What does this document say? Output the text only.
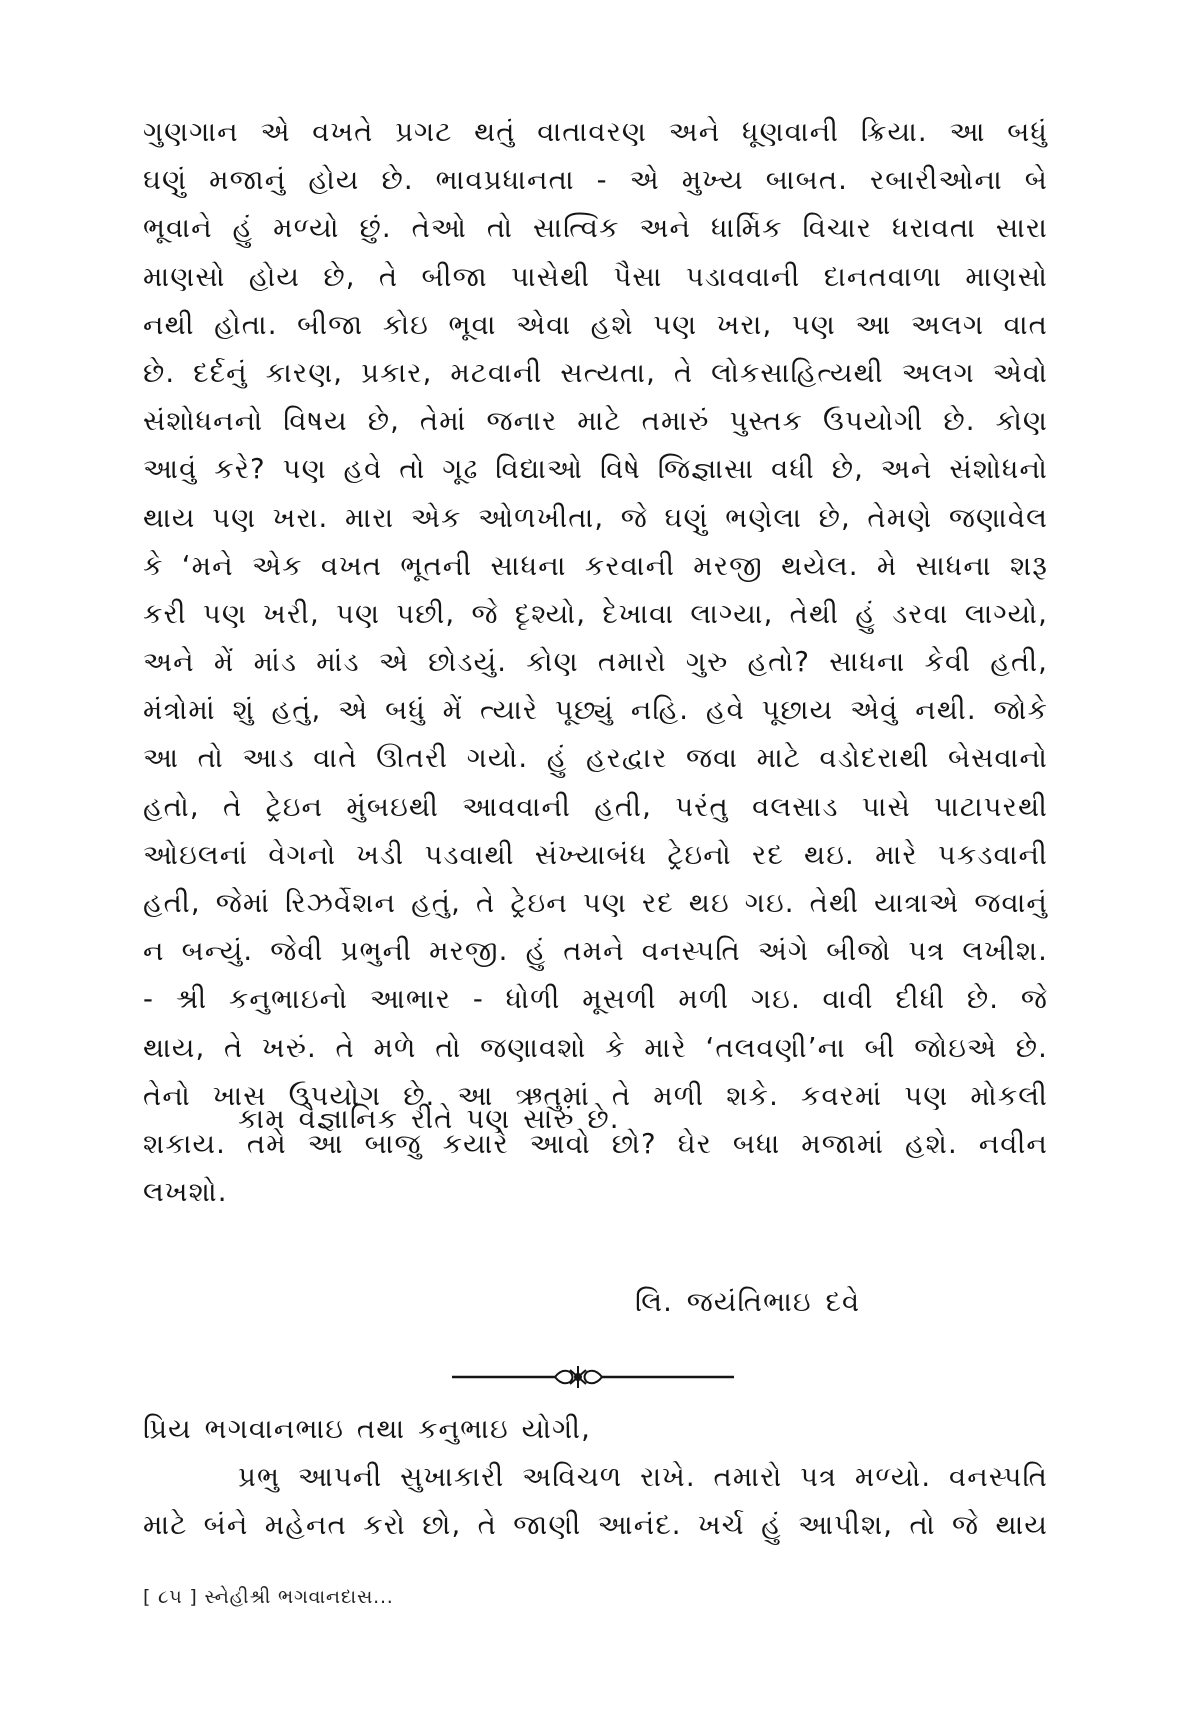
ગુણગાન એ વખતે પ્રગટ થતું વાતાવરણ અને ધૂણવાની ક્રિયા. આ બધું
ઘણું મજાનું હોય છે. ભાવપ્રધાનતા - એ મુખ્ય બાબત. રબારીઓના બે
ભૂવાને હું મળ્યો છું. તેઓ તો સાત્વિક અને ધાર્મિક વિચાર ધરાવતા સારા
માણસો હોય છે, તે બીજા પાસેથી પૈસા પડાવવાની દાનતવાળા માણસો
નથી હોતા. બીજા કોઇ ભૂવા એવા હશે પણ ખરા, પણ આ અલગ વાત
છે. દર્દનું કારણ, પ્રકાર, મટવાની સત્યતા, તે લોકસાહિત્યથી અલગ એવો
સંશોધનનો વિષય છે, તેમાં જનાર માટે તમારું પુસ્તક ઉપયોગી છે. કોણ
આવું કરે? પણ હવે તો ગૂઢ વિદ્યાઓ વિષે જિજ્ઞાસા વધી છે, અને સંશોધનો
થાય પણ ખરા. મારા એક ઓળખીતા, જે ઘણું ભણેલા છે, તેમણે જણાવેલ
કે ‘મને એક વખત ભૂતની સાધના કરવાની મરજી થયેલ. મે સાધના શરૂ
કરી પણ ખરી, પણ પછી, જે દૃશ્યો, દેખાવા લાગ્યા, તેથી હું ડરવા લાગ્યો,
અને મેં માંડ માંડ એ છોડયું. કોણ તમારો ગુરુ હતો? સાધના કેવી હતી,
મંત્રોમાં શું હતું, એ બધું મેં ત્યારે પૂછ્યું નહિ. હવે પૂછાય એવું નથી. જોકે
આ તો આડ વાતે ઊતરી ગયો. હું હરદ્વાર જવા માટે વડોદરાથી બેસવાનો
હતો, તે ટ્રેઇન મુંબઇથી આવવાની હતી, પરંતુ વલસાડ પાસે પાટાપરથી
ઓઇલનાં વેગનો ખડી પડવાથી સંખ્યાબંધ ટ્રેઇનો રદ થઇ. મારે પકડવાની
હતી, જેમાં રિઝર્વેશન હતું, તે ટ્રેઇન પણ રદ થઇ ગઇ. તેથી યાત્રાએ જવાનું
ન બન્યું. જેવી પ્રભુની મરજી. હું તમને વનસ્પતિ અંગે બીજો પત્ર લખીશ.
- શ્રી કનુભાઇનો આભાર - ધોળી મૂસળી મળી ગઇ. વાવી દીધી છે. જે
થાય, તે ખરું. તે મળે તો જણાવશો કે મારે ‘તલવણી’ના બી જોઇએ છે.
તેનો ખાસ ઉપયોગ છે. આ ઋતુમાં તે મળી શકે. કવરમાં પણ મોકલી
શકાય. તમે આ બાજુ કયારે આવો છો? ઘેર બધા મજામાં હશે. નવીન
લખશો.
કામ વૈજ્ઞાનિક રીતે પણ સારું છે.
લિ. જયંતિભાઇ દવે
પ્રિય ભગવાનભાઇ તથા કનુભાઇ યોગી,
પ્રભુ આપની સુખાકારી અવિચળ રાખે. તમારો પત્ર મળ્યો. વનસ્પતિ
માટે બંને મહેનત કરો છો, તે જાણી આનંદ. ખર્ચ હું આપીશ, તો જે થાય
[ ૮૫ ] સ્નેહીશ્રી ભગવાનદાસ...
